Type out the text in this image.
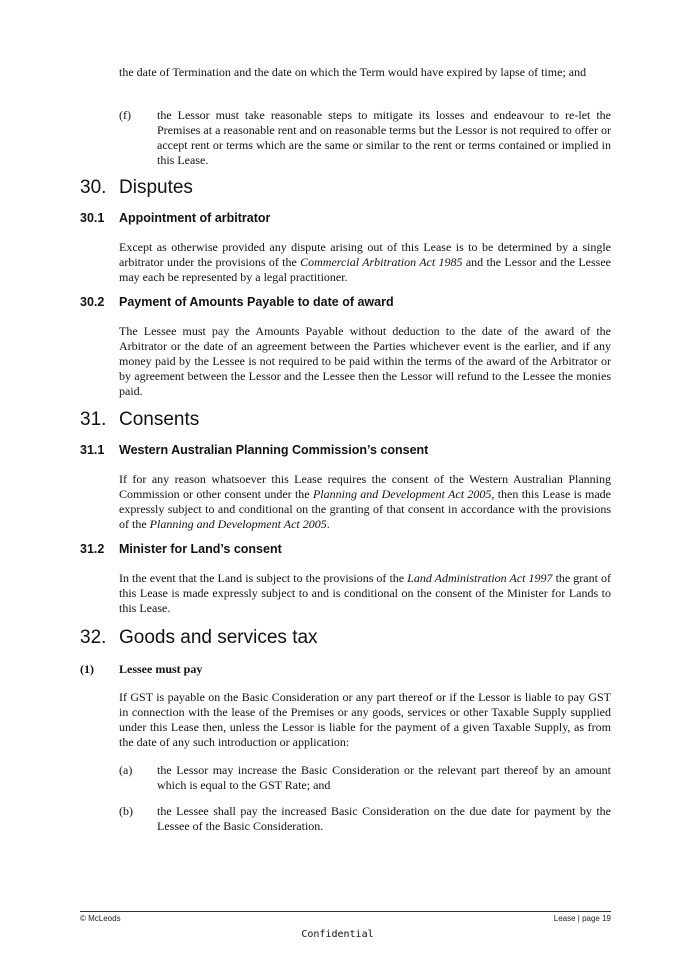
the date of Termination and the date on which the Term would have expired by lapse of time; and

(f) the Lessor must take reasonable steps to mitigate its losses and endeavour to re-let the Premises at a reasonable rent and on reasonable terms but the Lessor is not required to offer or accept rent or terms which are the same or similar to the rent or terms contained or implied in this Lease.
30. Disputes
30.1 Appointment of arbitrator

Except as otherwise provided any dispute arising out of this Lease is to be determined by a single arbitrator under the provisions of the Commercial Arbitration Act 1985 and the Lessor and the Lessee may each be represented by a legal practitioner.

30.2 Payment of Amounts Payable to date of award

The Lessee must pay the Amounts Payable without deduction to the date of the award of the Arbitrator or the date of an agreement between the Parties whichever event is the earlier, and if any money paid by the Lessee is not required to be paid within the terms of the award of the Arbitrator or by agreement between the Lessor and the Lessee then the Lessor will refund to the Lessee the monies paid.

31. Consents
31.1 Western Australian Planning Commission’s consent

If for any reason whatsoever this Lease requires the consent of the Western Australian Planning Commission or other consent under the Planning and Development Act 2005, then this Lease is made expressly subject to and conditional on the granting of that consent in accordance with the provisions of the Planning and Development Act 2005.

31.2 Minister for Land’s consent

In the event that the Land is subject to the provisions of the Land Administration Act 1997 the grant of this Lease is made expressly subject to and is conditional on the consent of the Minister for Lands to this Lease.

32. Goods and services tax
(1) Lessee must pay

If GST is payable on the Basic Consideration or any part thereof or if the Lessor is liable to pay GST in connection with the lease of the Premises or any goods, services or other Taxable Supply supplied under this Lease then, unless the Lessor is liable for the payment of a given Taxable Supply, as from the date of any such introduction or application:

(a) the Lessor may increase the Basic Consideration or the relevant part thereof by an amount which is equal to the GST Rate; and
(b) the Lessee shall pay the increased Basic Consideration on the due date for payment by the Lessee of the Basic Consideration.
© McLeods	Lease | page 19
Confidential
